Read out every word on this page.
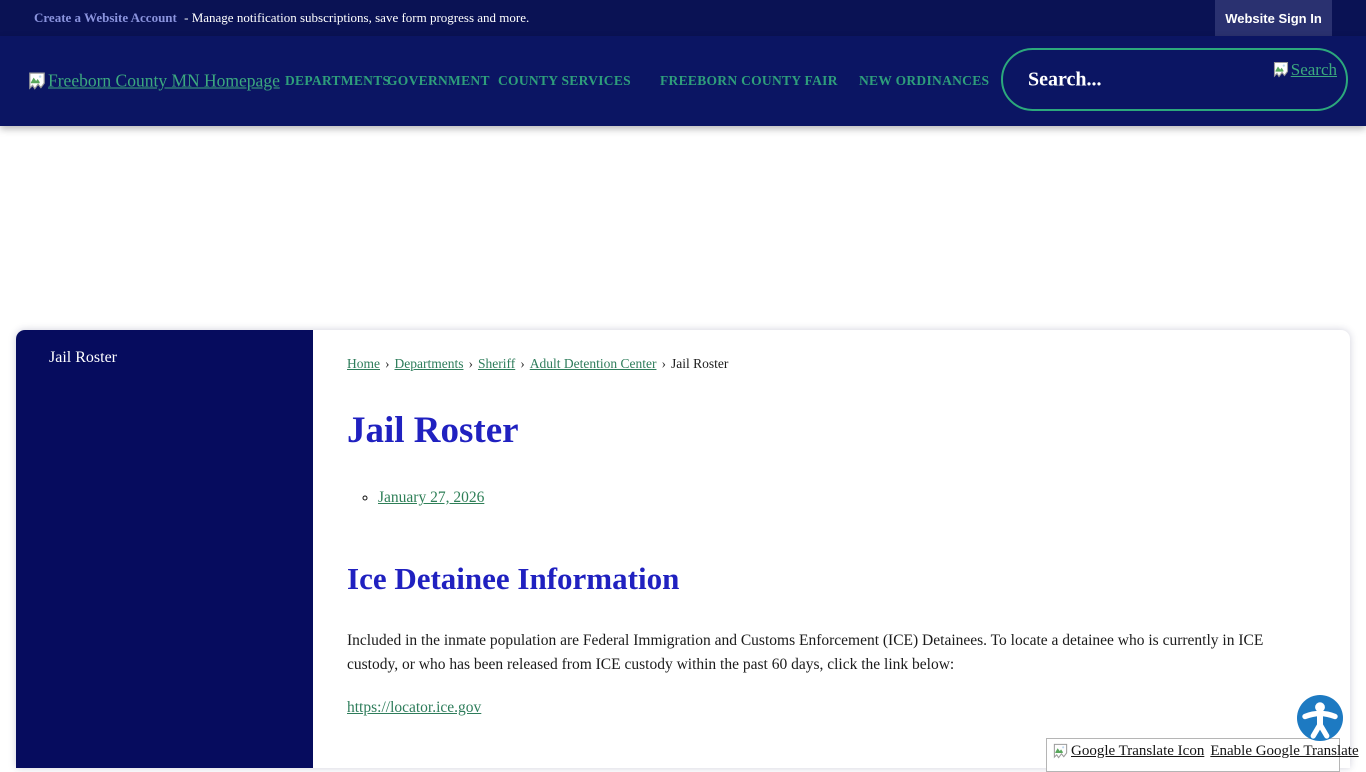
Create a Website Account - Manage notification subscriptions, save form progress and more.	Website Sign In
Freeborn County MN Homepage DEPARTMENTS
GOVERNMENT COUNTY SERVICES FREEBORN COUNTY FAIR NEW ORDINANCES
Search...
Search
Jail Roster	Home › Departments › Sheriff › Adult Detention Center › Jail Roster
Jail Roster
◦ January 27, 2026
Ice Detainee Information

Included in the inmate population are Federal Immigration and Customs Enforcement (ICE) Detainees. To locate a detainee who is currently in ICE custody, or who has been released from ICE custody within the past 60 days, click the link below:

https://locator.ice.gov
Google Translate Icon Enable Google Translate
